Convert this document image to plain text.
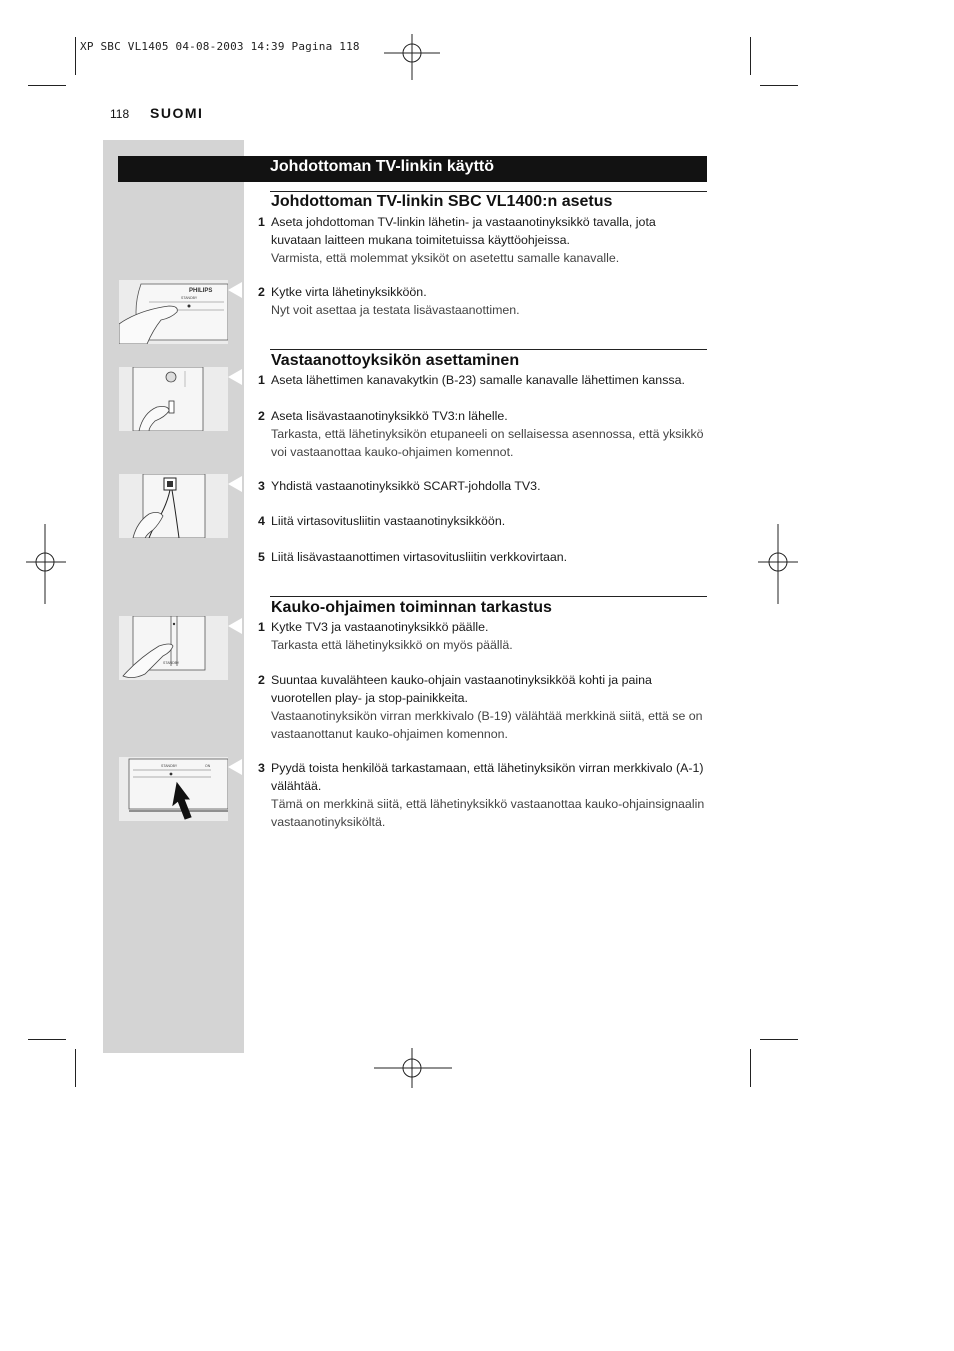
XP SBC VL1405 04-08-2003 14:39 Pagina 118
118 SUOMI
Johdottoman TV-linkin käyttö
Johdottoman TV-linkin SBC VL1400:n asetus
1 Aseta johdottoman TV-linkin lähetin- ja vastaanotinyksikkö tavalla, jota kuvataan laitteen mukana toimitetuissa käyttöohjeissa.
Varmista, että molemmat yksiköt on asetettu samalle kanavalle.
2 Kytke virta lähetinyksikköön.
Nyt voit asettaa ja testata lisävastaanottimen.
Vastaanottoyksikön asettaminen
1 Aseta lähettimen kanavakytkin (B-23) samalle kanavalle lähettimen kanssa.
2 Aseta lisävastaanotinyksikkö TV3:n lähelle.
Tarkasta, että lähetinyksikön etupaneeli on sellaisessa asennossa, että yksikkö voi vastaanottaa kauko-ohjaimen komennot.
3 Yhdistä vastaanotinyksikkö SCART-johdolla TV3.
4 Liitä virtasovitusliitin vastaanotinyksikköön.
5 Liitä lisävastaanottimen virtasovitusliitin verkkovirtaan.
Kauko-ohjaimen toiminnan tarkastus
1 Kytke TV3 ja vastaanotinyksikkö päälle.
Tarkasta että lähetinyksikkö on myös päällä.
2 Suuntaa kuvalähteen kauko-ohjain vastaanotinyksikköä kohti ja paina vuorotellen play- ja stop-painikkeita.
Vastaanotinyksikön virran merkkivalo (B-19) välähtää merkkinä siitä, että se on vastaanottanut kauko-ohjaimen komennon.
3 Pyydä toista henkilöä tarkastamaan, että lähetinyksikön virran merkkivalo (A-1) välähtää.
Tämä on merkkinä siitä, että lähetinyksikkö vastaanottaa kauko-ohjainsignaalin vastaanotinyksiköltä.
PHILIPS
STANDBY
STANDBY
STANDBY	ON
